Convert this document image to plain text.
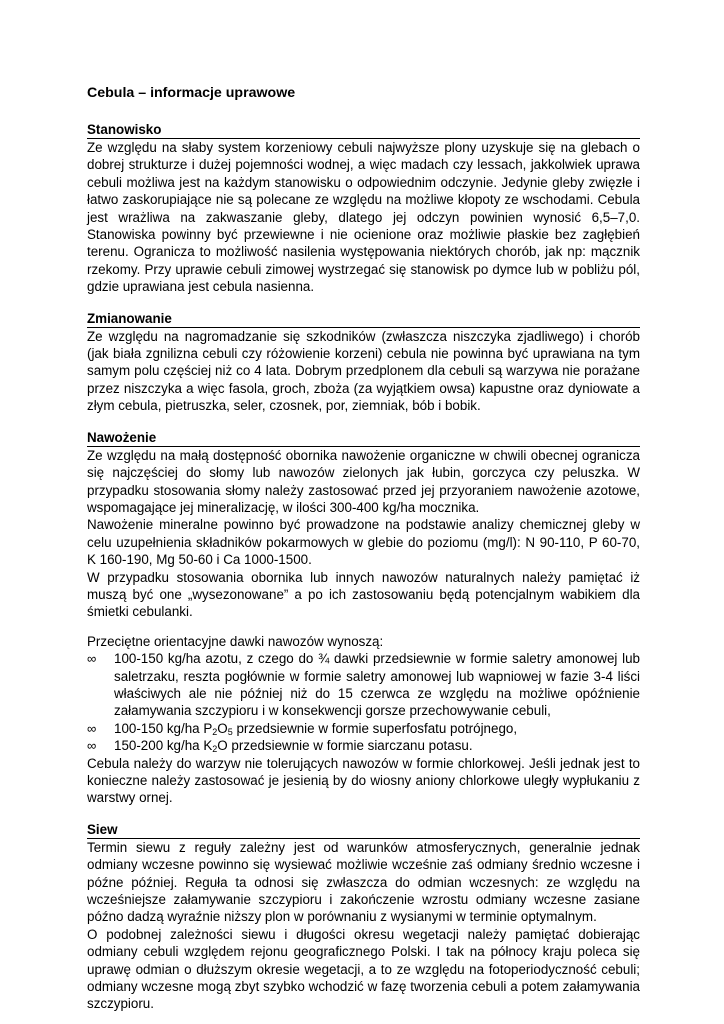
Cebula – informacje uprawowe
Stanowisko

Ze względu na słaby system korzeniowy cebuli najwyższe plony uzyskuje się na glebach o dobrej strukturze i dużej pojemności wodnej, a więc madach czy lessach, jakkolwiek uprawa cebuli możliwa jest na każdym stanowisku o odpowiednim odczynie. Jedynie gleby zwięzłe i łatwo zaskorupiające nie są polecane ze względu na możliwe kłopoty ze wschodami. Cebula jest wrażliwa na zakwaszanie gleby, dlatego jej odczyn powinien wynosić 6,5–7,0. Stanowiska powinny być przewiewne i nie ocienione oraz możliwie płaskie bez zagłębień terenu. Ogranicza to możliwość nasilenia występowania niektórych chorób, jak np: mącznik rzekomy. Przy uprawie cebuli zimowej wystrzegać się stanowisk po dymce lub w pobliżu pól, gdzie uprawiana jest cebula nasienna.

Zmianowanie

Ze względu na nagromadzanie się szkodników (zwłaszcza niszczyka zjadliwego) i chorób (jak biała zgnilizna cebuli czy różowienie korzeni) cebula nie powinna być uprawiana na tym samym polu częściej niż co 4 lata. Dobrym przedplonem dla cebuli są warzywa nie porażane przez niszczyka a więc fasola, groch, zboża (za wyjątkiem owsa) kapustne oraz dyniowate a złym cebula, pietruszka, seler, czosnek, por, ziemniak, bób i bobik.

Nawożenie

Ze względu na małą dostępność obornika nawożenie organiczne w chwili obecnej ogranicza się najczęściej do słomy lub nawozów zielonych jak łubin, gorczyca czy peluszka. W przypadku stosowania słomy należy zastosować przed jej przyoraniem nawożenie azotowe, wspomagające jej mineralizację, w ilości 300-400 kg/ha mocznika.

Nawożenie mineralne powinno być prowadzone na podstawie analizy chemicznej gleby w celu uzupełnienia składników pokarmowych w glebie do poziomu (mg/l): N 90-110, P 60-70, K 160-190, Mg 50-60 i Ca 1000-1500.

W przypadku stosowania obornika lub innych nawozów naturalnych należy pamiętać iż muszą być one „wysezonowane” a po ich zastosowaniu będą potencjalnym wabikiem dla śmietki cebulanki.

Przeciętne orientacyjne dawki nawozów wynoszą:

∞	100-150 kg/ha azotu, z czego do ¾ dawki przedsiewnie w formie saletry amonowej lub saletrzaku, reszta pogłównie w formie saletry amonowej lub wapniowej w fazie 3-4 liści właściwych ale nie później niż do 15 czerwca ze względu na możliwe opóźnienie załamywania szczypioru i w konsekwencji gorsze przechowywanie cebuli,
∞	100-150 kg/ha $P_2O_5$ przedsiewnie w formie superfosfatu potrójnego,
∞	150-200 kg/ha $K_2O$ przedsiewnie w formie siarczanu potasu.

Cebula należy do warzyw nie tolerujących nawozów w formie chlorkowej. Jeśli jednak jest to konieczne należy zastosować je jesienią by do wiosny aniony chlorkowe uległy wypłukaniu z warstwy ornej.

Siew

Termin siewu z reguły zależny jest od warunków atmosferycznych, generalnie jednak odmiany wczesne powinno się wysiewać możliwie wcześnie zaś odmiany średnio wczesne i późne później. Reguła ta odnosi się zwłaszcza do odmian wczesnych: ze względu na wcześniejsze załamywanie szczypioru i zakończenie wzrostu odmiany wczesne zasiane późno dadzą wyraźnie niższy plon w porównaniu z wysianymi w terminie optymalnym.

O podobnej zależności siewu i długości okresu wegetacji należy pamiętać dobierając odmiany cebuli względem rejonu geograficznego Polski. I tak na północy kraju poleca się uprawę odmian o dłuższym okresie wegetacji, a to ze względu na fotoperiodyczność cebuli; odmiany wczesne mogą zbyt szybko wchodzić w fazę tworzenia cebuli a potem załamywania szczypioru.
